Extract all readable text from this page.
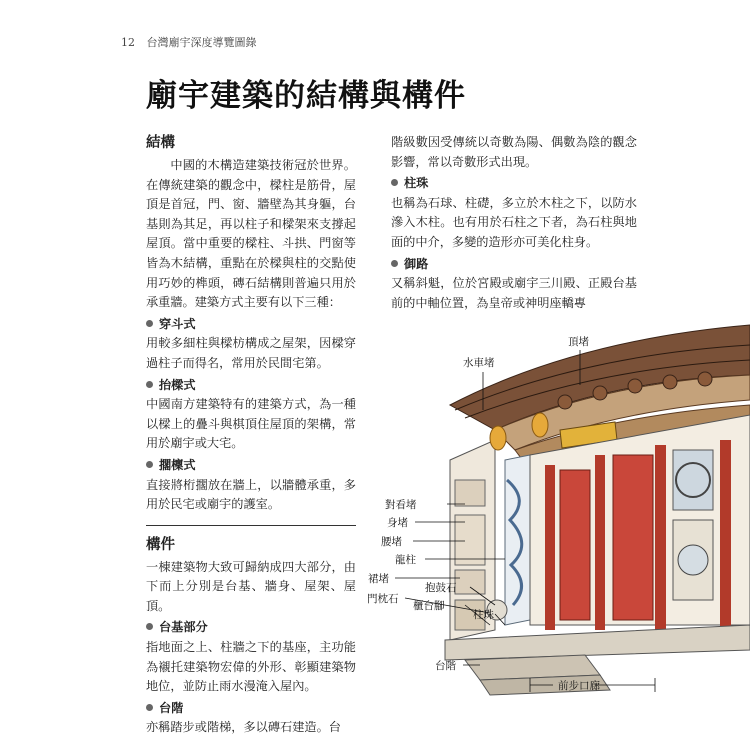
12 台灣廟宇深度導覽圖錄
廟宇建築的結構與構件
結構

中國的木構造建築技術冠於世界。在傳統建築的觀念中，樑柱是筋骨，屋頂是首冠，門、窗、牆壁為其身軀，台基則為其足，再以柱子和樑架來支撐起屋頂。當中重要的樑柱、斗拱、門窗等皆為木結構，重點在於樑與柱的交點使用巧妙的榫頭，磚石結構則普遍只用於承重牆。建築方式主要有以下三種：

穿斗式

用較多細柱與樑枋構成之屋架，因樑穿過柱子而得名，常用於民間宅第。

抬樑式

中國南方建築特有的建築方式，為一種以樑上的疊斗與棋頂住屋頂的架構，常用於廟宇或大宅。

擱檁式

直接將桁擱放在牆上，以牆體承重，多用於民宅或廟宇的護室。

構件

一棟建築物大致可歸納成四大部分，由下而上分別是台基、牆身、屋架、屋頂。

台基部分

指地面之上、柱牆之下的基座，主功能為襯托建築物宏偉的外形、彰顯建築物地位，並防止雨水漫淹入屋內。

台階

亦稱踏步或階梯，多以磚石建造。台

階級數因受傳統以奇數為陽、偶數為陰的觀念影響，常以奇數形式出現。

柱珠

也稱為石球、柱礎，多立於木柱之下，以防水滲入木柱。也有用於石柱之下者，為石柱與地面的中介，多變的造形亦可美化柱身。

御路

又稱斜魁，位於宮殿或廟宇三川殿、正殿台基前的中軸位置，為皇帝或神明座轎專

頂堵
水車堵
對看堵
身堵
腰堵
龍柱
裙堵
抱鼓石
門枕石
櫃台腳
柱珠
台階
前步口廊
